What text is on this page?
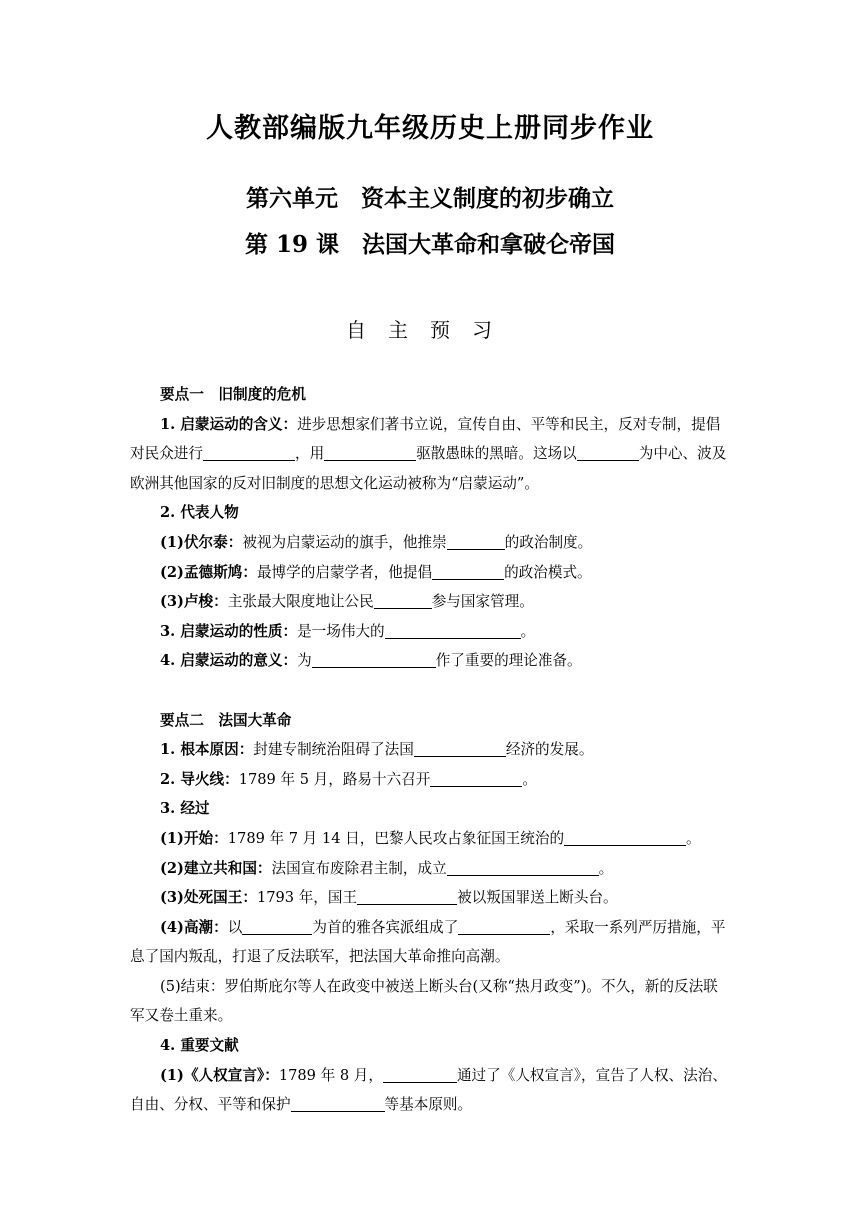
人教部编版九年级历史上册同步作业
第六单元　资本主义制度的初步确立
第 19 课　法国大革命和拿破仑帝国
自主预习

要点一　旧制度的危机

1. 启蒙运动的含义：进步思想家们著书立说，宣传自由、平等和民主，反对专制，提倡对民众进行	，用	驱散愚昧的黑暗。这场以	为中心、波及欧洲其他国家的反对旧制度的思想文化运动被称为“启蒙运动”。

2. 代表人物

(1)伏尔泰：被视为启蒙运动的旗手，他推崇	的政治制度。

(2)孟德斯鸠：最博学的启蒙学者，他提倡	的政治模式。

(3)卢梭：主张最大限度地让公民	参与国家管理。

3. 启蒙运动的性质：是一场伟大的	。

4. 启蒙运动的意义：为	作了重要的理论准备。

要点二　法国大革命

1. 根本原因：封建专制统治阻碍了法国	经济的发展。

2. 导火线：1789 年 5 月，路易十六召开	。

3. 经过

(1)开始：1789 年 7 月 14 日，巴黎人民攻占象征国王统治的	。

(2)建立共和国：法国宣布废除君主制，成立	。

(3)处死国王：1793 年，国王	被以叛国罪送上断头台。

(4)高潮：以	为首的雅各宾派组成了	，采取一系列严厉措施，平息了国内叛乱，打退了反法联军，把法国大革命推向高潮。

(5)结束：罗伯斯庇尔等人在政变中被送上断头台(又称“热月政变”)。不久，新的反法联军又卷土重来。

4. 重要文献

(1)《人权宣言》：1789 年 8 月，	通过了《人权宣言》，宣告了人权、法治、自由、分权、平等和保护	等基本原则。
